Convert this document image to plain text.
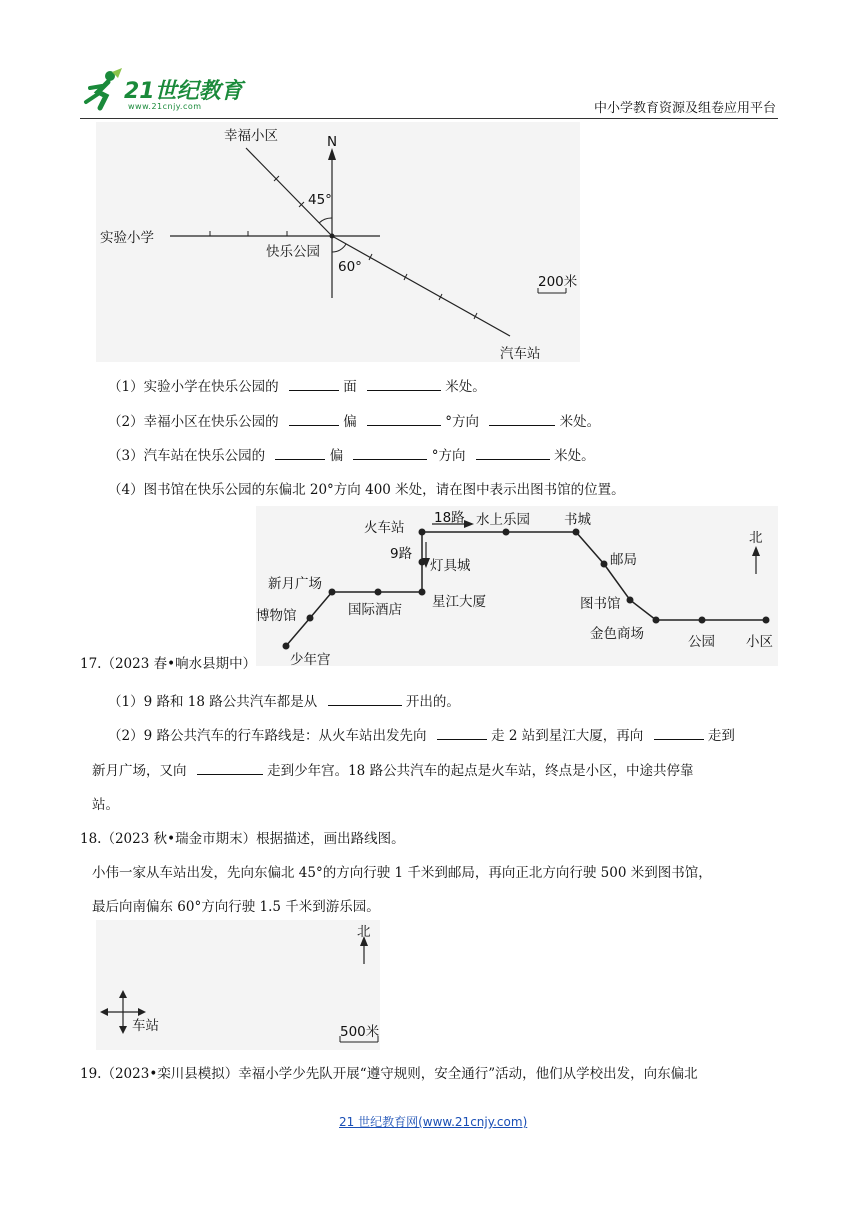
21世纪教育
www.21cnjy.com	中小学教育资源及组卷应用平台
N
幸福小区
实验小学
快乐公园
汽车站
45°
60°
200米
（1）实验小学在快乐公园的	面	米处。
（2）幸福小区在快乐公园的	偏	°方向	米处。
（3）汽车站在快乐公园的	偏	°方向	米处。
（4）图书馆在快乐公园的东偏北 20°方向 400 米处，请在图中表示出图书馆的位置。
火车站
18路 水上乐园	书城
北
9路
灯具城	邮局
新月广场
国际酒店 星江大厦	图书馆
博物馆
金色商场	公园 小区
少年宫
17.（2023 春•响水县期中）
（1）9 路和 18 路公共汽车都是从	开出的。
（2）9 路公共汽车的行车路线是：从火车站出发先向	走 2 站到星江大厦，再向	走到
新月广场，又向	走到少年宫。18 路公共汽车的起点是火车站，终点是小区，中途共停靠
站。
18.（2023 秋•瑞金市期末）根据描述，画出路线图。
小伟一家从车站出发，先向东偏北 45°的方向行驶 1 千米到邮局，再向正北方向行驶 500 米到图书馆，
最后向南偏东 60°方向行驶 1.5 千米到游乐园。
北
车站	500米
19.（2023•栾川县模拟）幸福小学少先队开展“遵守规则，安全通行”活动，他们从学校出发，向东偏北
21 世纪教育网(www.21cnjy.com)
